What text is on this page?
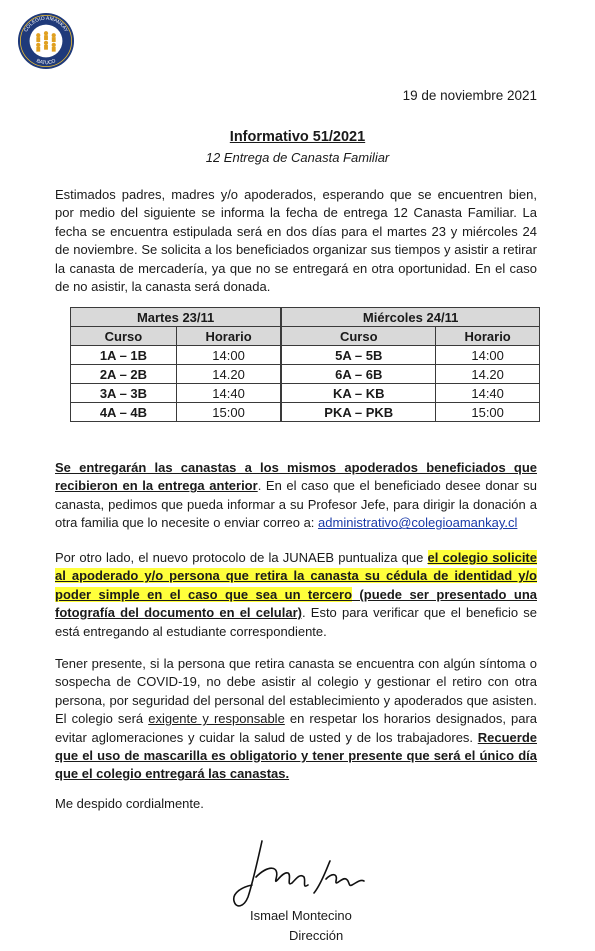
COLEGIO AMANKAY
BATUCO
19 de noviembre 2021
Informativo 51/2021
12 Entrega de Canasta Familiar
Estimados padres, madres y/o apoderados, esperando que se encuentren bien, por medio del siguiente se informa la fecha de entrega 12 Canasta Familiar. La fecha se encuentra estipulada será en dos días para el martes 23 y miércoles 24 de noviembre. Se solicita a los beneficiados organizar sus tiempos y asistir a retirar la canasta de mercadería, ya que no se entregará en otra oportunidad. En el caso de no asistir, la canasta será donada.
Martes 23/11		Miércoles 24/11	
Curso	Horario	Curso	Horario
1A – 1B	14:00	5A – 5B	14:00
2A – 2B	14.20	6A – 6B	14.20
3A – 3B	14:40	KA – KB	14:40
4A – 4B	15:00	PKA – PKB	15:00
Se entregarán las canastas a los mismos apoderados beneficiados que recibieron en la entrega anterior. En el caso que el beneficiado desee donar su canasta, pedimos que pueda informar a su Profesor Jefe, para dirigir la donación a otra familia que lo necesite o enviar correo a: administrativo@colegioamankay.cl
Por otro lado, el nuevo protocolo de la JUNAEB puntualiza que el colegio solicite al apoderado y/o persona que retira la canasta su cédula de identidad y/o poder simple en el caso que sea un tercero (puede ser presentado una fotografía del documento en el celular). Esto para verificar que el beneficio se está entregando al estudiante correspondiente.
Tener presente, si la persona que retira canasta se encuentra con algún síntoma o sospecha de COVID-19, no debe asistir al colegio y gestionar el retiro con otra persona, por seguridad del personal del establecimiento y apoderados que asisten. El colegio será exigente y responsable en respetar los horarios designados, para evitar aglomeraciones y cuidar la salud de usted y de los trabajadores. Recuerde que el uso de mascarilla es obligatorio y tener presente que será el único día que el colegio entregará las canastas.
Me despido cordialmente.
Ismael Montecino
Dirección
